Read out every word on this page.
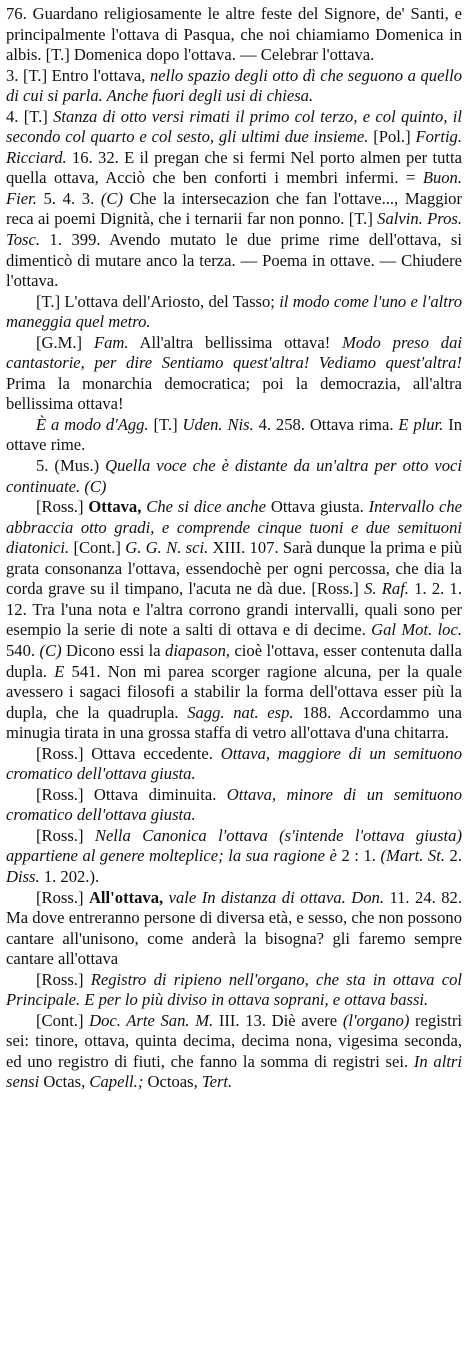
76. Guardano religiosamente le altre feste del Signore, de' Santi, e principalmente l'ottava di Pasqua, che noi chiamiamo Domenica in albis. [T.] Domenica dopo l'ottava. — Celebrar l'ottava.

3. [T.] Entro l'ottava, nello spazio degli otto dì che seguono a quello di cui si parla. Anche fuori degli usi di chiesa.

4. [T.] Stanza di otto versi rimati il primo col terzo, e col quinto, il secondo col quarto e col sesto, gli ultimi due insieme. [Pol.] Fortig. Ricciard. 16. 32. E il pregan che si fermi Nel porto almen per tutta quella ottava, Acciò che ben conforti i membri infermi. = Buon. Fier. 5. 4. 3. (C) Che la intersecazion che fan l'ottave..., Maggior reca ai poemi Dignità, che i ternarii far non ponno. [T.] Salvin. Pros. Tosc. 1. 399. Avendo mutato le due prime rime dell'ottava, si dimenticò di mutare anco la terza. — Poema in ottave. — Chiudere l'ottava.

[T.] L'ottava dell'Ariosto, del Tasso; il modo come l'uno e l'altro maneggia quel metro.

[G.M.] Fam. All'altra bellissima ottava! Modo preso dai cantastorie, per dire Sentiamo quest'altra! Vediamo quest'altra! Prima la monarchia democratica; poi la democrazia, all'altra bellissima ottava!

È a modo d'Agg. [T.] Uden. Nis. 4. 258. Ottava rima. E plur. In ottave rime.

5. (Mus.) Quella voce che è distante da un'altra per otto voci continuate. (C)

[Ross.] Ottava, Che si dice anche Ottava giusta. Intervallo che abbraccia otto gradi, e comprende cinque tuoni e due semituoni diatonici. [Cont.] G. G. N. sci. XIII. 107. Sarà dunque la prima e più grata consonanza l'ottava, essendochè per ogni percossa, che dia la corda grave su il timpano, l'acuta ne dà due. [Ross.] S. Raf. 1. 2. 1. 12. Tra l'una nota e l'altra corrono grandi intervalli, quali sono per esempio la serie di note a salti di ottava e di decime. Gal Mot. loc. 540. (C) Dicono essi la diapason, cioè l'ottava, esser contenuta dalla dupla. E 541. Non mi parea scorger ragione alcuna, per la quale avessero i sagaci filosofi a stabilir la forma dell'ottava esser più la dupla, che la quadrupla. Sagg. nat. esp. 188. Accordammo una minugia tirata in una grossa staffa di vetro all'ottava d'una chitarra.

[Ross.] Ottava eccedente. Ottava, maggiore di un semituono cromatico dell'ottava giusta.

[Ross.] Ottava diminuita. Ottava, minore di un semituono cromatico dell'ottava giusta.

[Ross.] Nella Canonica l'ottava (s'intende l'ottava giusta) appartiene al genere molteplice; la sua ragione è 2 : 1. (Mart. St. 2. Diss. 1. 202.).

[Ross.] All'ottava, vale In distanza di ottava. Don. 11. 24. 82. Ma dove entreranno persone di diversa età, e sesso, che non possono cantare all'unisono, come anderà la bisogna? gli faremo sempre cantare all'ottava

[Ross.] Registro di ripieno nell'organo, che sta in ottava col Principale. E per lo più diviso in ottava soprani, e ottava bassi.

[Cont.] Doc. Arte San. M. III. 13. Diè avere (l'organo) registri sei: tinore, ottava, quinta decima, decima nona, vigesima seconda, ed uno registro di fiuti, che fanno la somma di registri sei. In altri sensi Octas, Capell.; Octoas, Tert.
